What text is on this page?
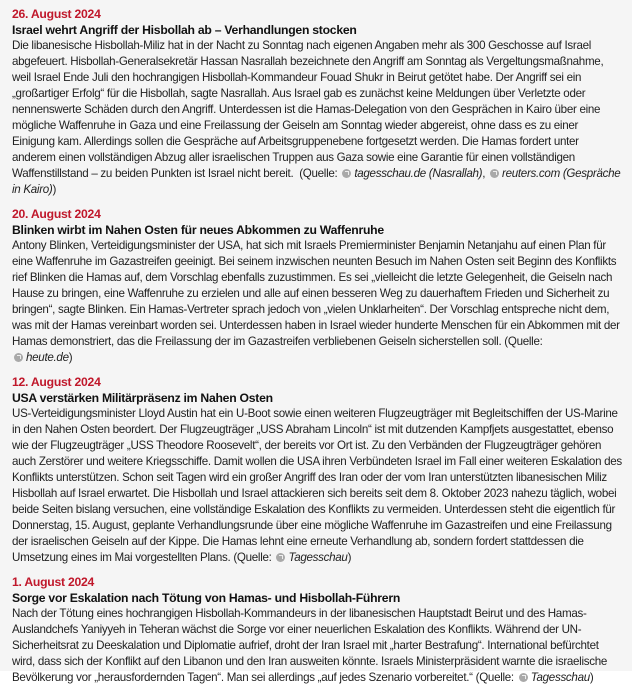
26. August 2024
Israel wehrt Angriff der Hisbollah ab – Verhandlungen stocken
Die libanesische Hisbollah-Miliz hat in der Nacht zu Sonntag nach eigenen Angaben mehr als 300 Geschosse auf Israel abgefeuert. Hisbollah-Generalsekretär Hassan Nasrallah bezeichnete den Angriff am Sonntag als Vergeltungsmaßnahme, weil Israel Ende Juli den hochrangigen Hisbollah-Kommandeur Fouad Shukr in Beirut getötet habe. Der Angriff sei ein „großartiger Erfolg“ für die Hisbollah, sagte Nasrallah. Aus Israel gab es zunächst keine Meldungen über Verletzte oder nennenswerte Schäden durch den Angriff. Unterdessen ist die Hamas-Delegation von den Gesprächen in Kairo über eine mögliche Waffenruhe in Gaza und eine Freilassung der Geiseln am Sonntag wieder abgereist, ohne dass es zu einer Einigung kam. Allerdings sollen die Gespräche auf Arbeitsgruppenebene fortgesetzt werden. Die Hamas fordert unter anderem einen vollständigen Abzug aller israelischen Truppen aus Gaza sowie eine Garantie für einen vollständigen Waffenstillstand – zu beiden Punkten ist Israel nicht bereit.  (Quelle: tagesschau.de (Nasrallah), reuters.com (Gespräche in Kairo))
20. August 2024
Blinken wirbt im Nahen Osten für neues Abkommen zu Waffenruhe
Antony Blinken, Verteidigungsminister der USA, hat sich mit Israels Premierminister Benjamin Netanjahu auf einen Plan für eine Waffenruhe im Gazastreifen geeinigt. Bei seinem inzwischen neunten Besuch im Nahen Osten seit Beginn des Konflikts rief Blinken die Hamas auf, dem Vorschlag ebenfalls zuzustimmen. Es sei „vielleicht die letzte Gelegenheit, die Geiseln nach Hause zu bringen, eine Waffenruhe zu erzielen und alle auf einen besseren Weg zu dauerhaftem Frieden und Sicherheit zu bringen“, sagte Blinken. Ein Hamas-Vertreter sprach jedoch von „vielen Unklarheiten“. Der Vorschlag entspreche nicht dem, was mit der Hamas vereinbart worden sei. Unterdessen haben in Israel wieder hunderte Menschen für ein Abkommen mit der Hamas demonstriert, das die Freilassung der im Gazastreifen verbliebenen Geiseln sicherstellen soll. (Quelle:
heute.de)
12. August 2024
USA verstärken Militärpräsenz im Nahen Osten
US-Verteidigungsminister Lloyd Austin hat ein U-Boot sowie einen weiteren Flugzeugträger mit Begleitschiffen der US-Marine in den Nahen Osten beordert. Der Flugzeugträger „USS Abraham Lincoln“ ist mit dutzenden Kampfjets ausgestattet, ebenso wie der Flugzeugträger „USS Theodore Roosevelt“, der bereits vor Ort ist. Zu den Verbänden der Flugzeugträger gehören auch Zerstörer und weitere Kriegsschiffe. Damit wollen die USA ihren Verbündeten Israel im Fall einer weiteren Eskalation des Konflikts unterstützen. Schon seit Tagen wird ein großer Angriff des Iran oder der vom Iran unterstützten libanesischen Miliz Hisbollah auf Israel erwartet. Die Hisbollah und Israel attackieren sich bereits seit dem 8. Oktober 2023 nahezu täglich, wobei beide Seiten bislang versuchen, eine vollständige Eskalation des Konflikts zu vermeiden. Unterdessen steht die eigentlich für Donnerstag, 15. August, geplante Verhandlungsrunde über eine mögliche Waffenruhe im Gazastreifen und eine Freilassung der israelischen Geiseln auf der Kippe. Die Hamas lehnt eine erneute Verhandlung ab, sondern fordert stattdessen die Umsetzung eines im Mai vorgestellten Plans. (Quelle: Tagesschau)
1. August 2024
Sorge vor Eskalation nach Tötung von Hamas- und Hisbollah-Führern
Nach der Tötung eines hochrangigen Hisbollah-Kommandeurs in der libanesischen Hauptstadt Beirut und des Hamas-Auslandchefs Yaniyyeh in Teheran wächst die Sorge vor einer neuerlichen Eskalation des Konflikts. Während der UN-Sicherheitsrat zu Deeskalation und Diplomatie aufrief, droht der Iran Israel mit „harter Bestrafung“. International befürchtet wird, dass sich der Konflikt auf den Libanon und den Iran ausweiten könnte. Israels Ministerpräsident warnte die israelische Bevölkerung vor „herausfordernden Tagen“. Man sei allerdings „auf jedes Szenario vorbereitet.“ (Quelle: Tagesschau)
